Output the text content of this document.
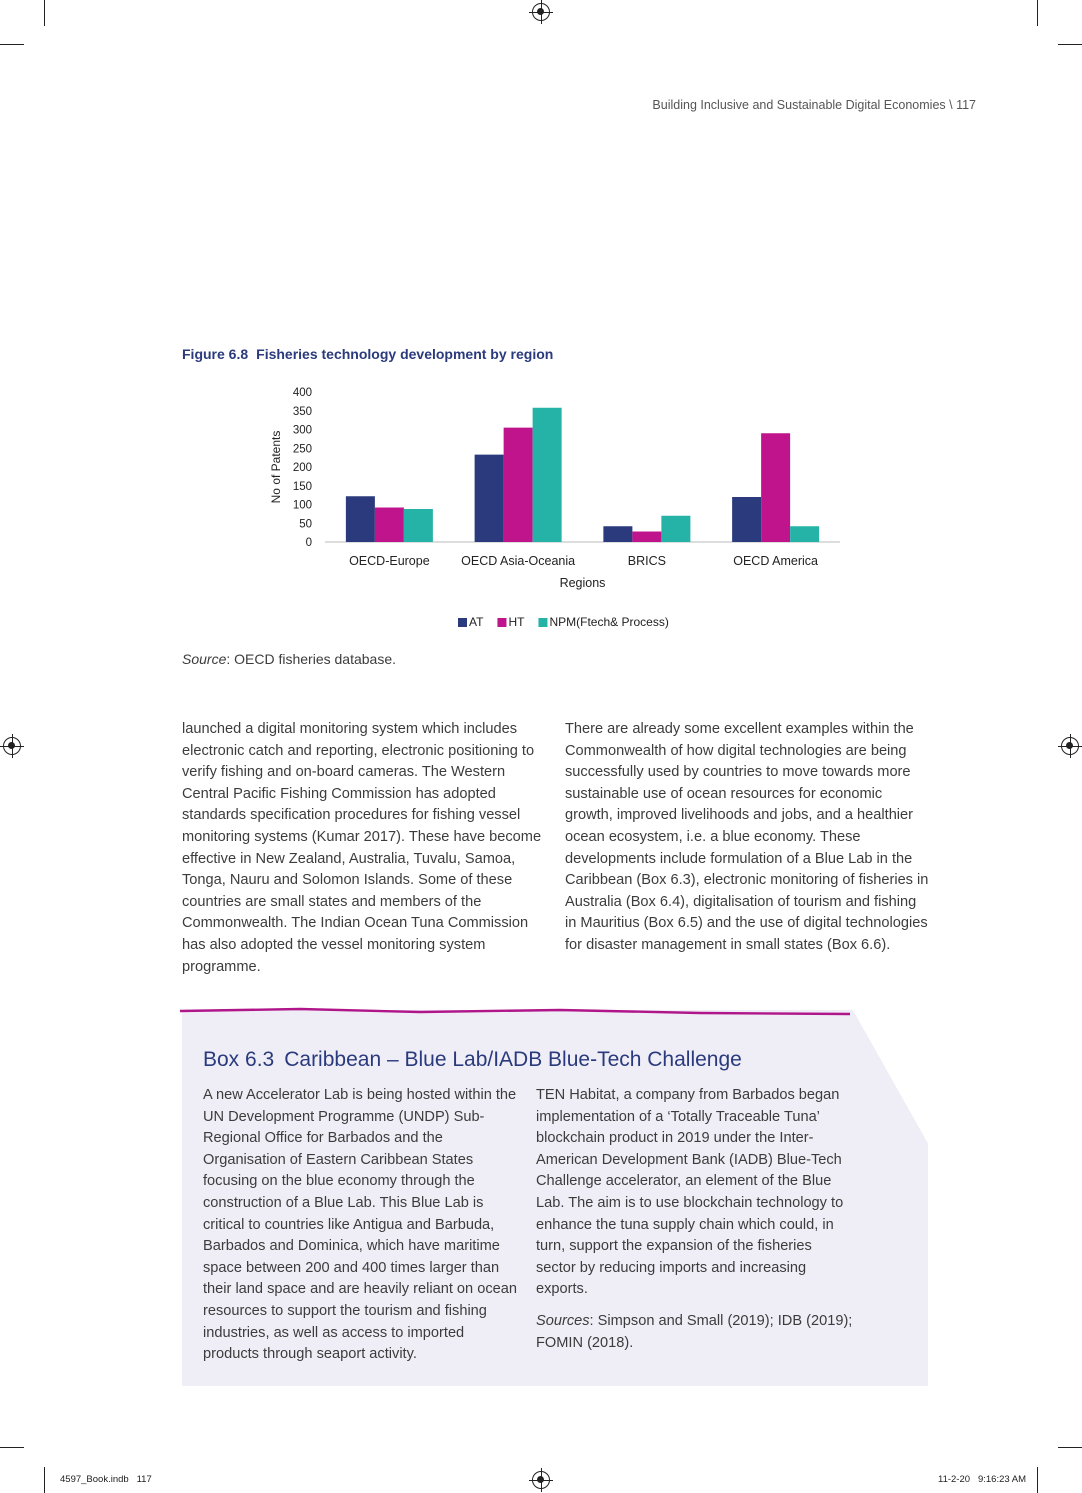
Building Inclusive and Sustainable Digital Economies \ 117
Figure 6.8 Fisheries technology development by region
0
50
100
150
200
250
300
350
400
No of Patents
OECD-Europe	OECD Asia-Oceania	BRICS	OECD America
Regions
AT HT NPM(Ftech& Process)
Source: OECD fisheries database.

launched a digital monitoring system which includes electronic catch and reporting, electronic positioning to verify fishing and on-board cameras. The Western Central Pacific Fishing Commission has adopted standards specification procedures for fishing vessel monitoring systems (Kumar 2017). These have become effective in New Zealand, Australia, Tuvalu, Samoa, Tonga, Nauru and Solomon Islands. Some of these countries are small states and members of the Commonwealth. The Indian Ocean Tuna Commission has also adopted the vessel monitoring system programme.

There are already some excellent examples within the Commonwealth of how digital technologies are being successfully used by countries to move towards more sustainable use of ocean resources for economic growth, improved livelihoods and jobs, and a healthier ocean ecosystem, i.e. a blue economy. These developments include formulation of a Blue Lab in the Caribbean (Box 6.3), electronic monitoring of fisheries in Australia (Box 6.4), digitalisation of tourism and fishing in Mauritius (Box 6.5) and the use of digital technologies for disaster management in small states (Box 6.6).

Box 6.3 Caribbean – Blue Lab/IADB Blue-Tech Challenge

A new Accelerator Lab is being hosted within the UN Development Programme (UNDP) Sub-Regional Office for Barbados and the Organisation of Eastern Caribbean States focusing on the blue economy through the construction of a Blue Lab. This Blue Lab is critical to countries like Antigua and Barbuda, Barbados and Dominica, which have maritime space between 200 and 400 times larger than their land space and are heavily reliant on ocean resources to support the tourism and fishing industries, as well as access to imported products through seaport activity.

TEN Habitat, a company from Barbados began implementation of a ‘Totally Traceable Tuna’ blockchain product in 2019 under the Inter-American Development Bank (IADB) Blue-Tech Challenge accelerator, an element of the Blue Lab. The aim is to use blockchain technology to enhance the tuna supply chain which could, in turn, support the expansion of the fisheries sector by reducing imports and increasing exports.

Sources: Simpson and Small (2019); IDB (2019); FOMIN (2018).

4597_Book.indb   117	11-2-20   9:16:23 AM
